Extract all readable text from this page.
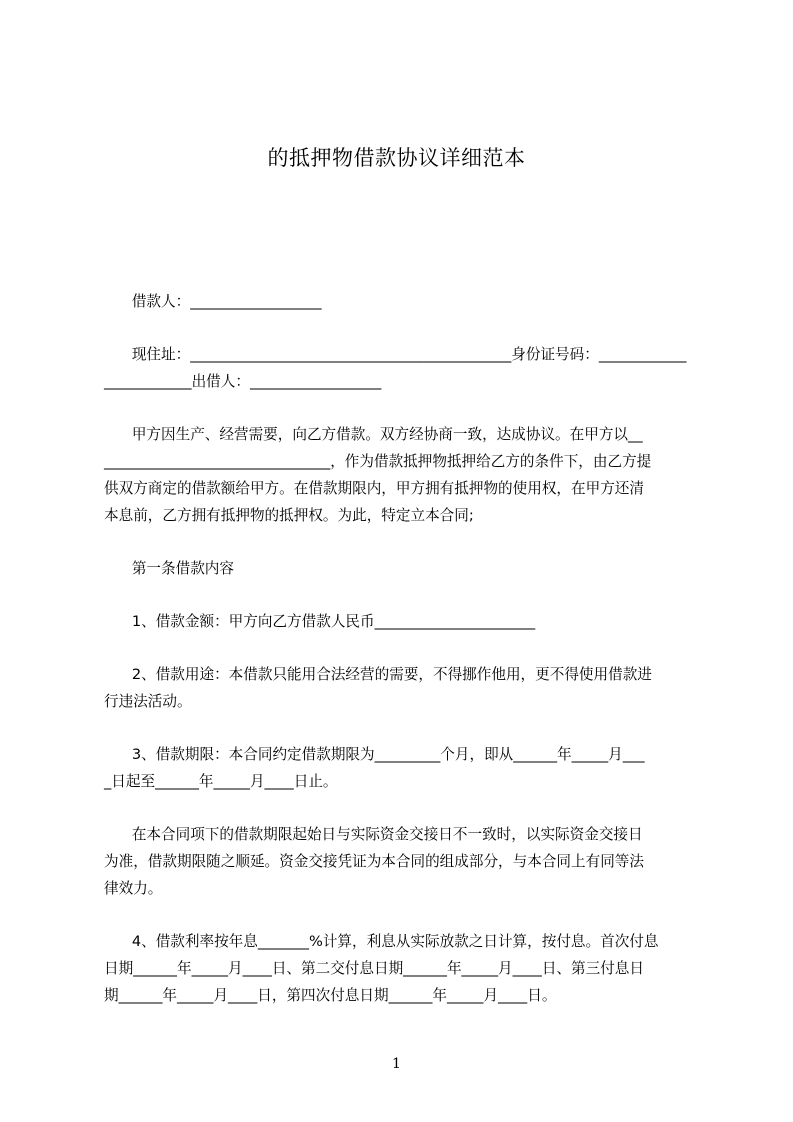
的抵押物借款协议详细范本
借款人：__________________
现住址：____________________________________________身份证号码：____________
____________出借人：__________________
甲方因生产、经营需要，向乙方借款。双方经协商一致，达成协议。在甲方以__
_______________________________，作为借款抵押物抵押给乙方的条件下，由乙方提
供双方商定的借款额给甲方。在借款期限内，甲方拥有抵押物的使用权，在甲方还清
本息前，乙方拥有抵押物的抵押权。为此，特定立本合同;
第一条借款内容
1、借款金额：甲方向乙方借款人民币______________________
2、借款用途：本借款只能用合法经营的需要，不得挪作他用，更不得使用借款进
行违法活动。
3、借款期限：本合同约定借款期限为_________个月，即从______年_____月___
_日起至______年_____月____日止。
在本合同项下的借款期限起始日与实际资金交接日不一致时，以实际资金交接日
为准，借款期限随之顺延。资金交接凭证为本合同的组成部分，与本合同上有同等法
律效力。
4、借款利率按年息_______%计算，利息从实际放款之日计算，按付息。首次付息
日期______年_____月____日、第二交付息日期______年_____月____日、第三付息日
期______年_____月____日，第四次付息日期______年_____月____日。
1
